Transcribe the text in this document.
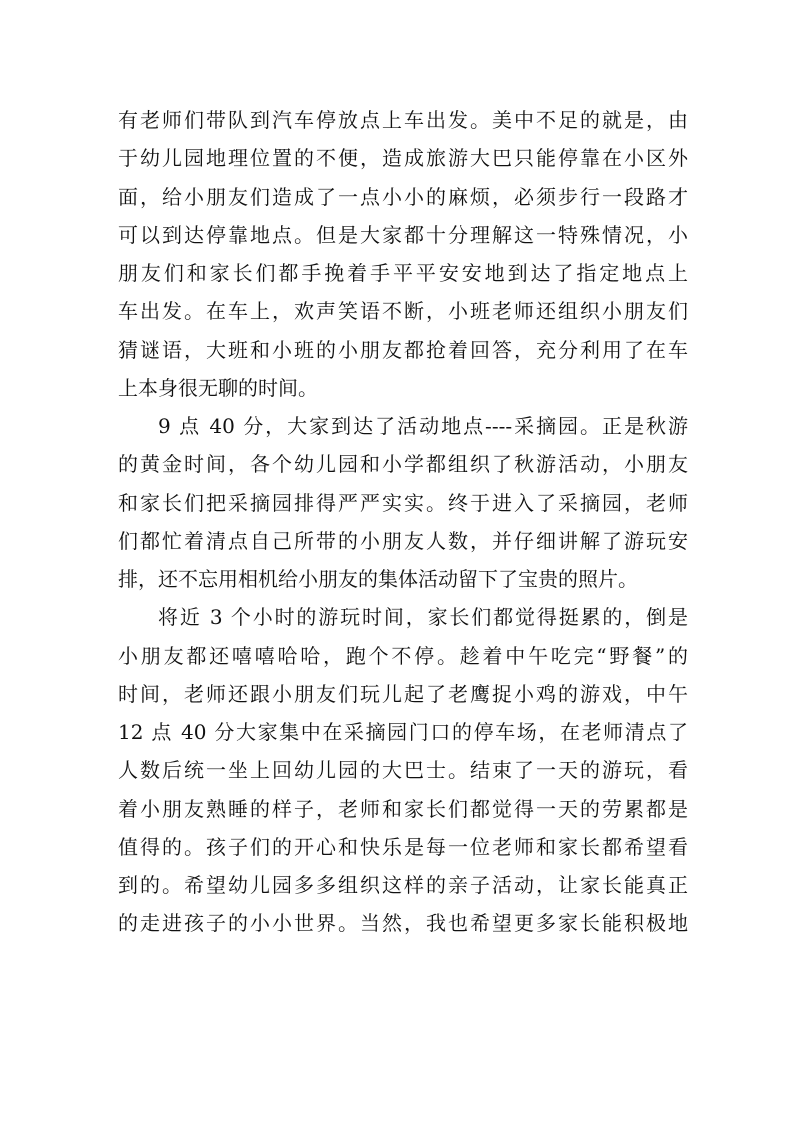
有老师们带队到汽车停放点上车出发。美中不足的就是，由
于幼儿园地理位置的不便，造成旅游大巴只能停靠在小区外
面，给小朋友们造成了一点小小的麻烦，必须步行一段路才
可以到达停靠地点。但是大家都十分理解这一特殊情况，小
朋友们和家长们都手挽着手平平安安地到达了指定地点上
车出发。在车上，欢声笑语不断，小班老师还组织小朋友们
猜谜语，大班和小班的小朋友都抢着回答，充分利用了在车
上本身很无聊的时间。
9 点 40 分，大家到达了活动地点----采摘园。正是秋游
的黄金时间，各个幼儿园和小学都组织了秋游活动，小朋友
和家长们把采摘园排得严严实实。终于进入了采摘园，老师
们都忙着清点自己所带的小朋友人数，并仔细讲解了游玩安
排，还不忘用相机给小朋友的集体活动留下了宝贵的照片。
将近 3 个小时的游玩时间，家长们都觉得挺累的，倒是
小朋友都还嘻嘻哈哈，跑个不停。趁着中午吃完“野餐”的
时间，老师还跟小朋友们玩儿起了老鹰捉小鸡的游戏，中午
12 点 40 分大家集中在采摘园门口的停车场，在老师清点了
人数后统一坐上回幼儿园的大巴士。结束了一天的游玩，看
着小朋友熟睡的样子，老师和家长们都觉得一天的劳累都是
值得的。孩子们的开心和快乐是每一位老师和家长都希望看
到的。希望幼儿园多多组织这样的亲子活动，让家长能真正
的走进孩子的小小世界。当然，我也希望更多家长能积极地
